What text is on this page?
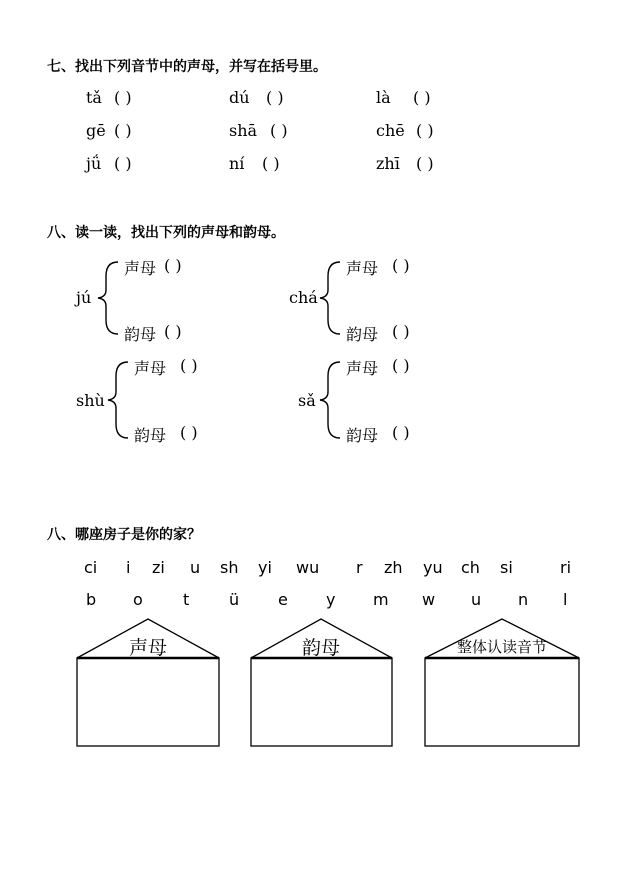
七、找出下列音节中的声母，并写在括号里。
tǎ ( )	dú ( )	là ( )
gē ( )	shā ( )	chē ( )
jǘ ( )	ní ( )	zhī ( )
八、读一读，找出下列的声母和韵母。
jú
声母 ( )
韵母 ( )
chá
声母 ( )
韵母 ( )
shù
声母 ( )
韵母 ( )
sǎ
声母 ( )
韵母 ( )
八、哪座房子是你的家？
ci i zi u sh yi wu r zh yu ch si	ri
b o	t ü e y m w u n l
声母	韵母	整体认读音节
